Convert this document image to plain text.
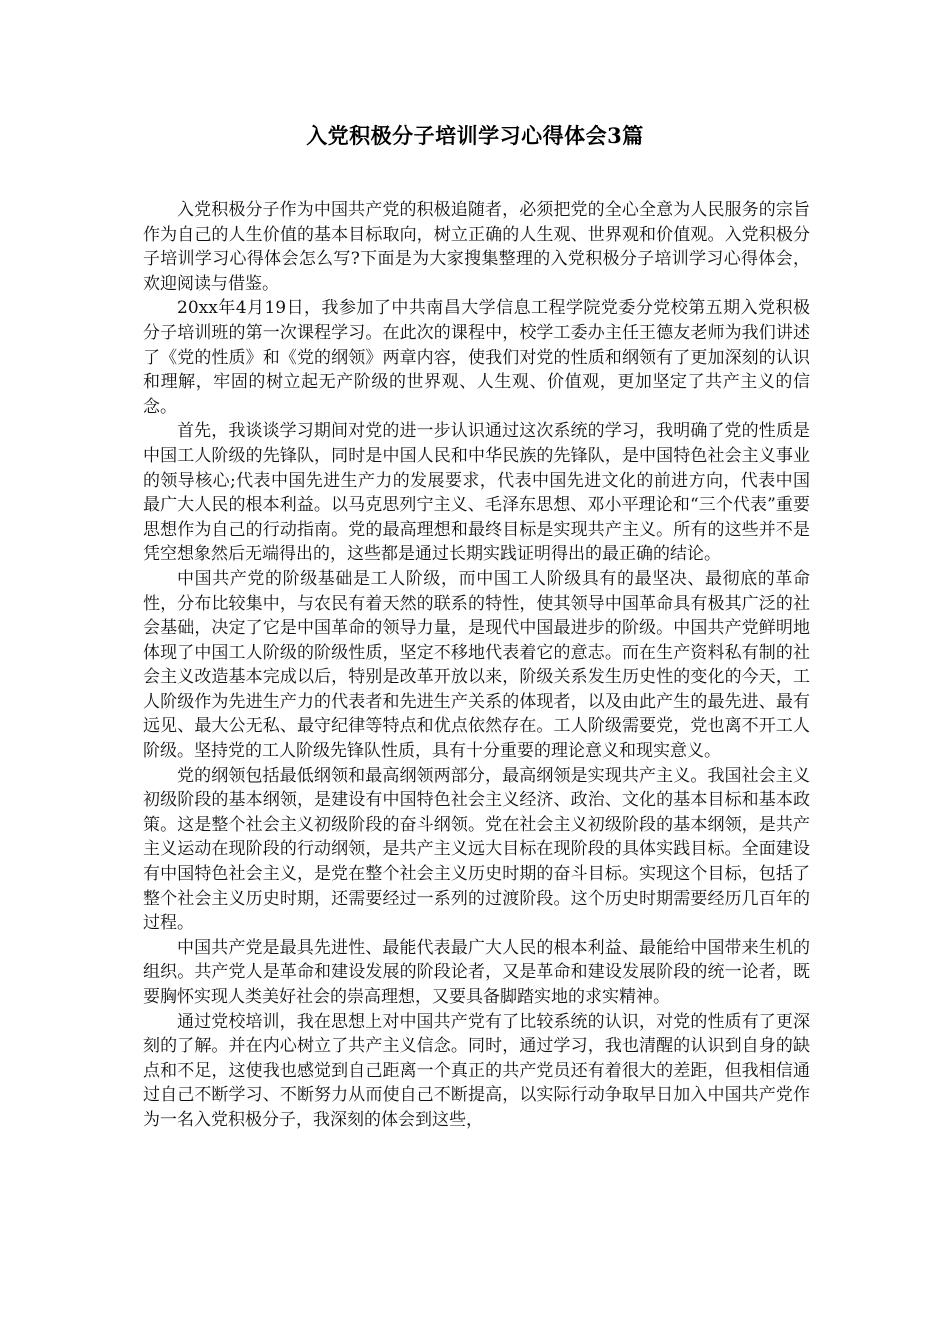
入党积极分子培训学习心得体会3篇

入党积极分子作为中国共产党的积极追随者，必须把党的全心全意为人民服务的宗旨作为自己的人生价值的基本目标取向，树立正确的人生观、世界观和价值观。入党积极分子培训学习心得体会怎么写?下面是为大家搜集整理的入党积极分子培训学习心得体会，欢迎阅读与借鉴。

20xx年4月19日，我参加了中共南昌大学信息工程学院党委分党校第五期入党积极分子培训班的第一次课程学习。在此次的课程中，校学工委办主任王德友老师为我们讲述了《党的性质》和《党的纲领》两章内容，使我们对党的性质和纲领有了更加深刻的认识和理解，牢固的树立起无产阶级的世界观、人生观、价值观，更加坚定了共产主义的信念。

首先，我谈谈学习期间对党的进一步认识通过这次系统的学习，我明确了党的性质是中国工人阶级的先锋队，同时是中国人民和中华民族的先锋队，是中国特色社会主义事业的领导核心;代表中国先进生产力的发展要求，代表中国先进文化的前进方向，代表中国最广大人民的根本利益。以马克思列宁主义、毛泽东思想、邓小平理论和“三个代表”重要思想作为自己的行动指南。党的最高理想和最终目标是实现共产主义。所有的这些并不是凭空想象然后无端得出的，这些都是通过长期实践证明得出的最正确的结论。

中国共产党的阶级基础是工人阶级，而中国工人阶级具有的最坚决、最彻底的革命性，分布比较集中，与农民有着天然的联系的特性，使其领导中国革命具有极其广泛的社会基础，决定了它是中国革命的领导力量，是现代中国最进步的阶级。中国共产党鲜明地体现了中国工人阶级的阶级性质，坚定不移地代表着它的意志。而在生产资料私有制的社会主义改造基本完成以后，特别是改革开放以来，阶级关系发生历史性的变化的今天，工人阶级作为先进生产力的代表者和先进生产关系的体现者，以及由此产生的最先进、最有远见、最大公无私、最守纪律等特点和优点依然存在。工人阶级需要党，党也离不开工人阶级。坚持党的工人阶级先锋队性质，具有十分重要的理论意义和现实意义。

党的纲领包括最低纲领和最高纲领两部分，最高纲领是实现共产主义。我国社会主义初级阶段的基本纲领，是建设有中国特色社会主义经济、政治、文化的基本目标和基本政策。这是整个社会主义初级阶段的奋斗纲领。党在社会主义初级阶段的基本纲领，是共产主义运动在现阶段的行动纲领，是共产主义远大目标在现阶段的具体实践目标。全面建设有中国特色社会主义，是党在整个社会主义历史时期的奋斗目标。实现这个目标，包括了整个社会主义历史时期，还需要经过一系列的过渡阶段。这个历史时期需要经历几百年的过程。

中国共产党是最具先进性、最能代表最广大人民的根本利益、最能给中国带来生机的组织。共产党人是革命和建设发展的阶段论者，又是革命和建设发展阶段的统一论者，既要胸怀实现人类美好社会的崇高理想，又要具备脚踏实地的求实精神。

通过党校培训，我在思想上对中国共产党有了比较系统的认识，对党的性质有了更深刻的了解。并在内心树立了共产主义信念。同时，通过学习，我也清醒的认识到自身的缺点和不足，这使我也感觉到自己距离一个真正的共产党员还有着很大的差距，但我相信通过自己不断学习、不断努力从而使自己不断提高，以实际行动争取早日加入中国共产党作为一名入党积极分子，我深刻的体会到这些，
